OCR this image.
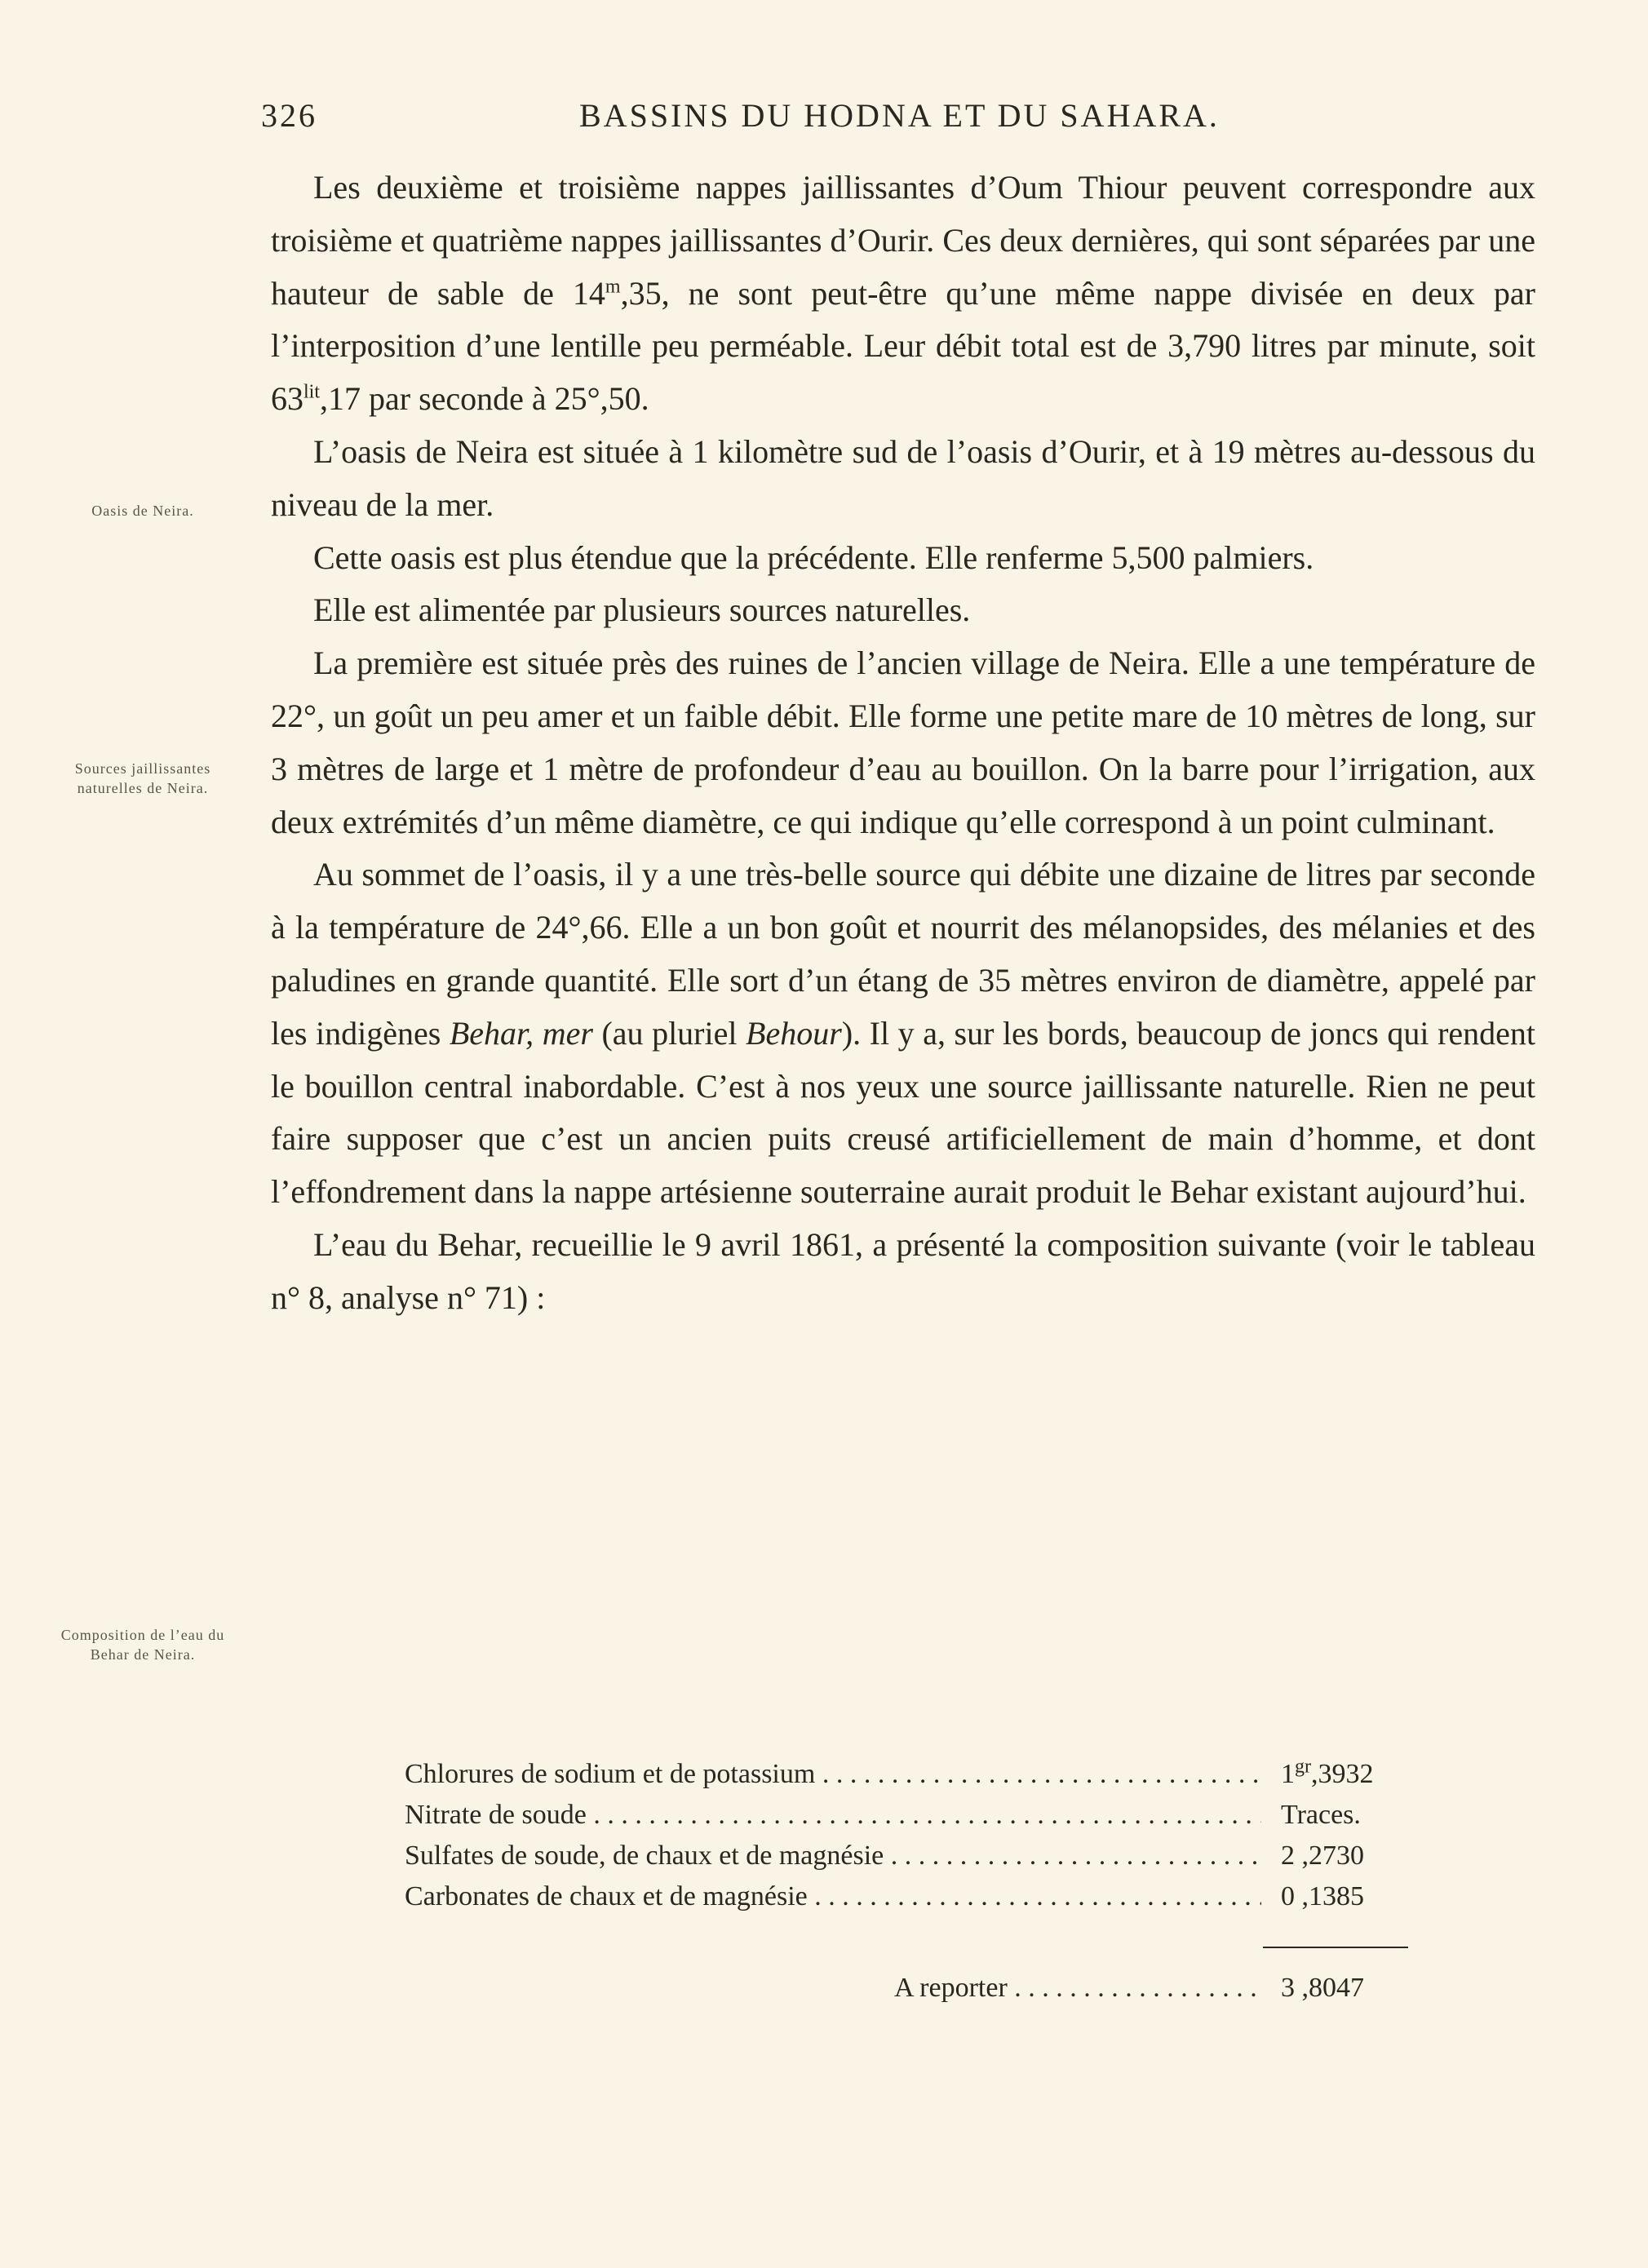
326	BASSINS DU HODNA ET DU SAHARA.
Oasis de Neira.
Sources jaillissantes naturelles de Neira.
Composition de l’eau du Behar de Neira.

Les deuxième et troisième nappes jaillissantes d’Oum Thiour peuvent correspondre aux troisième et quatrième nappes jaillissantes d’Ourir. Ces deux dernières, qui sont séparées par une hauteur de sable de 14$^m$,35, ne sont peut-être qu’une même nappe divisée en deux par l’interposition d’une lentille peu perméable. Leur débit total est de 3,790 litres par minute, soit $63^{lit},17$ par seconde à 25°,50.

L’oasis de Neira est située à 1 kilomètre sud de l’oasis d’Ourir, et à 19 mètres au-dessous du niveau de la mer.

Cette oasis est plus étendue que la précédente. Elle renferme 5,500 palmiers.

Elle est alimentée par plusieurs sources naturelles.

La première est située près des ruines de l’ancien village de Neira. Elle a une température de 22°, un goût un peu amer et un faible débit. Elle forme une petite mare de 10 mètres de long, sur 3 mètres de large et 1 mètre de profondeur d’eau au bouillon. On la barre pour l’irrigation, aux deux extrémités d’un même diamètre, ce qui indique qu’elle correspond à un point culminant.

Au sommet de l’oasis, il y a une très-belle source qui débite une dizaine de litres par seconde à la température de 24°,66. Elle a un bon goût et nourrit des mélanopsides, des mélanies et des paludines en grande quantité. Elle sort d’un étang de 35 mètres environ de diamètre, appelé par les indigènes Behar, mer (au pluriel Behour). Il y a, sur les bords, beaucoup de joncs qui rendent le bouillon central inabordable. C’est à nos yeux une source jaillissante naturelle. Rien ne peut faire supposer que c’est un ancien puits creusé artificiellement de main d’homme, et dont l’effondrement dans la nappe artésienne souterraine aurait produit le Behar existant aujourd’hui.

L’eau du Behar, recueillie le 9 avril 1861, a présenté la composition suivante (voir le tableau n° 8, analyse n° 71) :

Chlorures de sodium et de potassium . . .	$1^{gr},3932$
Nitrate de soude . . .	Traces.
Sulfates de soude, de chaux et de magnésie . . .	2 ,2730
Carbonates de chaux et de magnésie . . .	0 ,1385
A reporter . . .	3 ,8047
